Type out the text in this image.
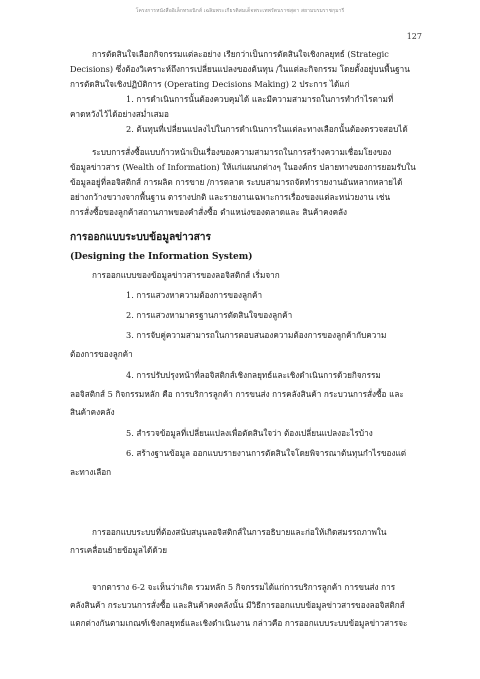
โครงการหนังสืออิเล็กทรอนิกส์ เฉลิมพระเกียรติสมเด็จพระเทพรัตนราชสุดา สยามบรมราชกุมารี
127
การตัดสินใจเลือกกิจกรรมแต่ละอย่าง เรียกว่าเป็นการตัดสินใจเชิงกลยุทธ์ (Strategic
Decisions) ซึ่งต้องวิเคราะห์ถึงการเปลี่ยนแปลงของต้นทุน /ในแต่ละกิจกรรม โดยตั้งอยู่บนพื้นฐาน
การตัดสินใจเชิงปฏิบัติการ (Operating Decisions Making) 2 ประการ ได้แก่
1. การดำเนินการนั้นต้องควบคุมได้ และมีความสามารถในการทำกำไรตามที่
คาดหวังไว้ได้อย่างสม่ำเสมอ
2. ต้นทุนที่เปลี่ยนแปลงไปในการดำเนินการในแต่ละทางเลือกนั้นต้องตรวจสอบได้
ระบบการสั่งซื้อแบบก้าวหน้าเป็นเรื่องของความสามารถในการสร้างความเชื่อมโยงของ
ข้อมูลข่าวสาร (Wealth of Information) ให้แก่แผนกต่างๆ ในองค์กร ปลายทางของการยอมรับใน
ข้อมูลอยู่ที่ลอจิสติกส์ การผลิต การขาย /การตลาด ระบบสามารถจัดทำรายงานอันหลากหลายได้
อย่างกว้างขวางจากพื้นฐาน ตารางปกติ และรายงานเฉพาะการเรื่องของแต่ละหน่วยงาน เช่น
การสั่งซื้อของลูกค้าสถานภาพของคำสั่งซื้อ ตำแหน่งของตลาดและ สินค้าคงคลัง
การออกแบบระบบข้อมูลข่าวสาร
(Designing the Information System)
การออกแบบของข้อมูลข่าวสารของลอจิสติกส์ เริ่มจาก
1. การแสวงหาความต้องการของลูกค้า
2. การแสวงหามาตรฐานการตัดสินใจของลูกค้า
3. การจับคู่ความสามารถในการตอบสนองความต้องการของลูกค้ากับความ
ต้องการของลูกค้า
4. การปรับปรุงหน้าที่ลอจิสติกส์เชิงกลยุทธ์และเชิงดำเนินการด้วยกิจกรรม
ลอจิสติกส์ 5 กิจกรรมหลัก คือ การบริการลูกค้า การขนส่ง การคลังสินค้า กระบวนการสั่งซื้อ และ
สินค้าคงคลัง
5. สำรวจข้อมูลที่เปลี่ยนแปลงเพื่อตัดสินใจว่า ต้องเปลี่ยนแปลงอะไรบ้าง
6. สร้างฐานข้อมูล ออกแบบรายงานการตัดสินใจโดยพิจารณาต้นทุนกำไรของแต่
ละทางเลือก
การออกแบบระบบที่ต้องสนับสนุนลอจิสติกส์ในการอธิบายและก่อให้เกิดสมรรถภาพใน
การเคลื่อนย้ายข้อมูลได้ด้วย
จากตาราง 6-2 จะเห็นว่าเกิด รวมหลัก 5 กิจกรรมได้แก่การบริการลูกค้า การขนส่ง การ
คลังสินค้า กระบวนการสั่งซื้อ และสินค้าคงคลังนั้น มีวิธีการออกแบบข้อมูลข่าวสารของลอจิสติกส์
แตกต่างกันตามเกณฑ์เชิงกลยุทธ์และเชิงดำเนินงาน กล่าวคือ การออกแบบระบบข้อมูลข่าวสารจะ
